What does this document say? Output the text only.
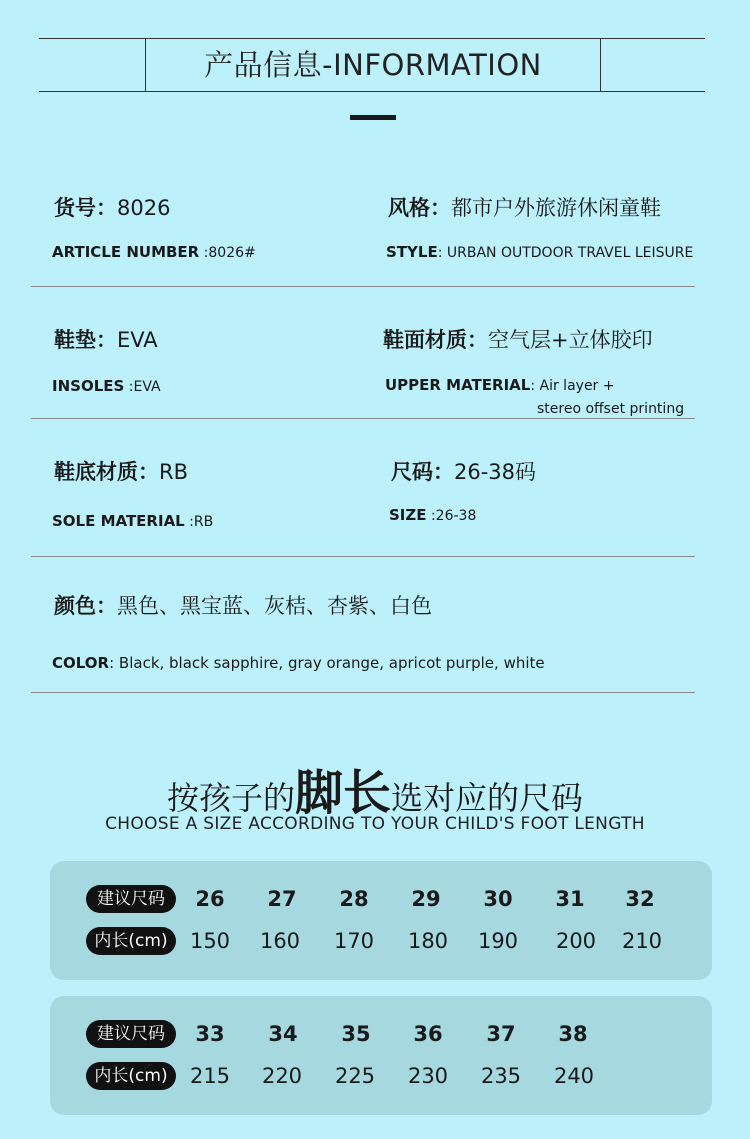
产品信息-INFORMATION
货号：8026
ARTICLE NUMBER :8026#
风格：都市户外旅游休闲童鞋
STYLE: URBAN OUTDOOR TRAVEL LEISURE
鞋垫：EVA
INSOLES :EVA
鞋面材质：空气层+立体胶印
UPPER MATERIAL: Air layer +
stereo offset printing
鞋底材质：RB
SOLE MATERIAL :RB
尺码：26-38码
SIZE :26-38
颜色：黑色、黑宝蓝、灰桔、杏紫、白色
COLOR: Black, black sapphire, gray orange, apricot purple, white
按孩子的脚长选对应的尺码
CHOOSE A SIZE ACCORDING TO YOUR CHILD'S FOOT LENGTH
建议尺码	26	27	28	29	30	31	32
内长(cm)	150	160	170	180	190	200	210
建议尺码	33	34	35	36	37	38
内长(cm)	215	220	225	230	235	240
